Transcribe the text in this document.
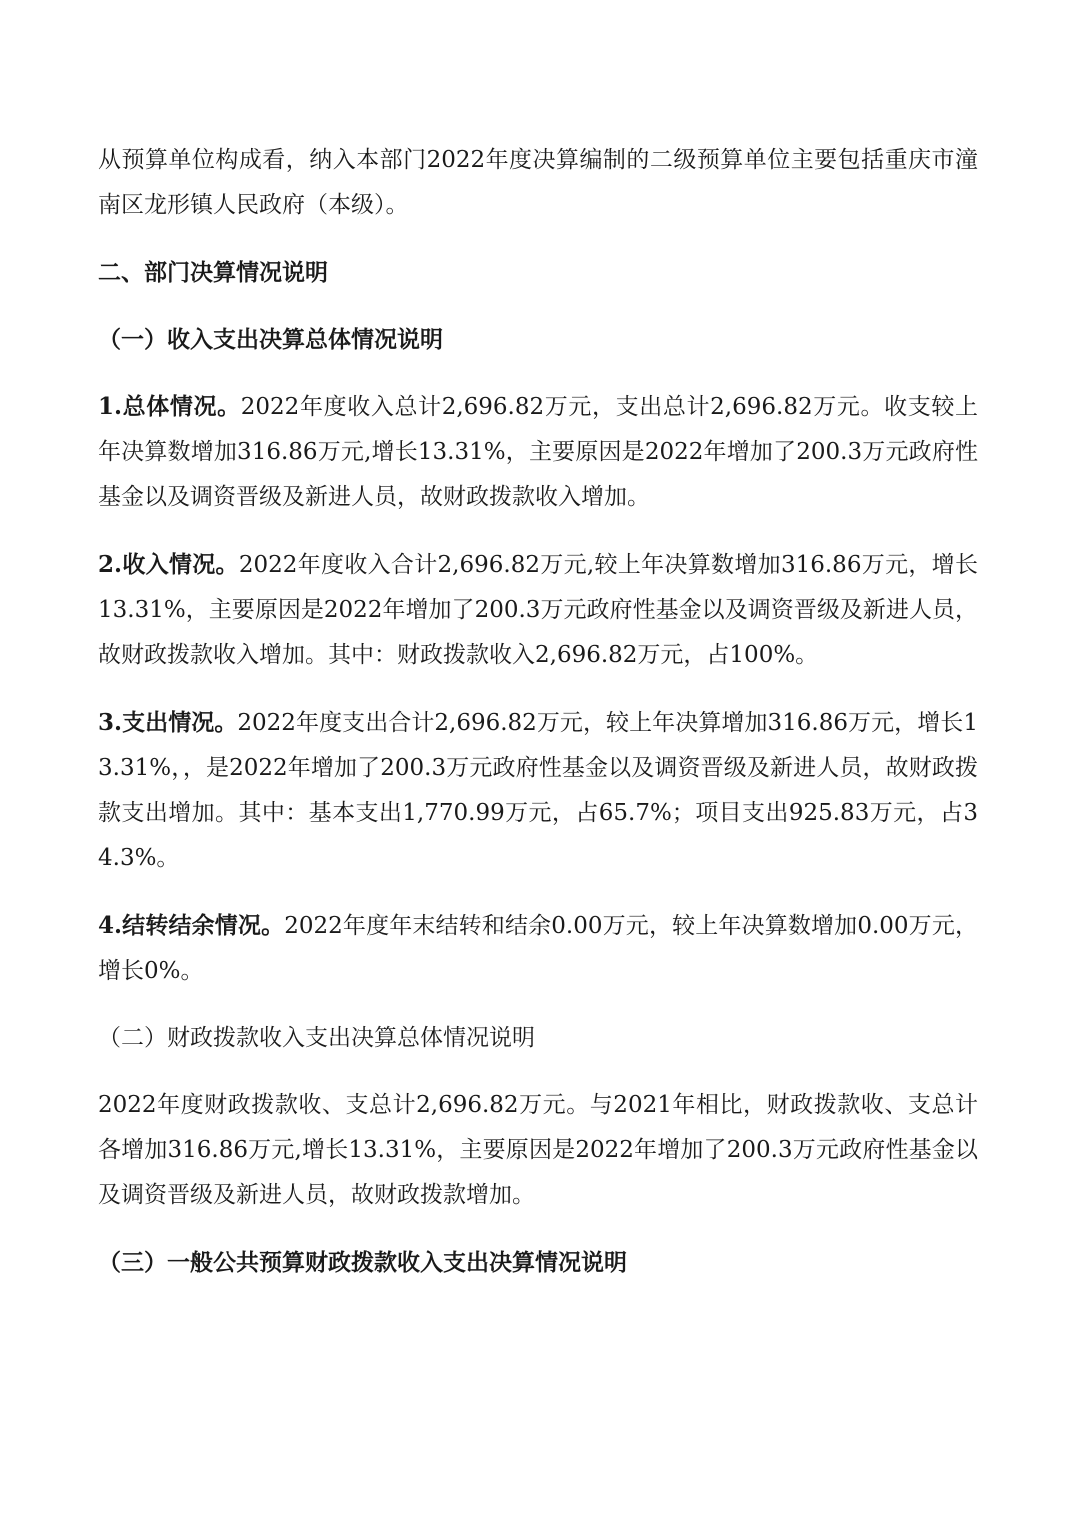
从预算单位构成看，纳入本部门2022年度决算编制的二级预算单位主要包括重庆市潼南区龙形镇人民政府（本级）。

二、部门决算情况说明

（一）收入支出决算总体情况说明

1.总体情况。2022年度收入总计2,696.82万元，支出总计2,696.82万元。收支较上年决算数增加316.86万元,增长13.31%，主要原因是2022年增加了200.3万元政府性基金以及调资晋级及新进人员，故财政拨款收入增加。

2.收入情况。2022年度收入合计2,696.82万元,较上年决算数增加316.86万元，增长13.31%，主要原因是2022年增加了200.3万元政府性基金以及调资晋级及新进人员，故财政拨款收入增加。其中：财政拨款收入2,696.82万元，占100%。

3.支出情况。2022年度支出合计2,696.82万元，较上年决算增加316.86万元，增长13.31%，，是2022年增加了200.3万元政府性基金以及调资晋级及新进人员，故财政拨款支出增加。其中：基本支出1,770.99万元，占65.7%；项目支出925.83万元，占34.3%。

4.结转结余情况。2022年度年末结转和结余0.00万元，较上年决算数增加0.00万元，增长0%。

（二）财政拨款收入支出决算总体情况说明

2022年度财政拨款收、支总计2,696.82万元。与2021年相比，财政拨款收、支总计各增加316.86万元,增长13.31%，主要原因是2022年增加了200.3万元政府性基金以及调资晋级及新进人员，故财政拨款增加。

（三）一般公共预算财政拨款收入支出决算情况说明
